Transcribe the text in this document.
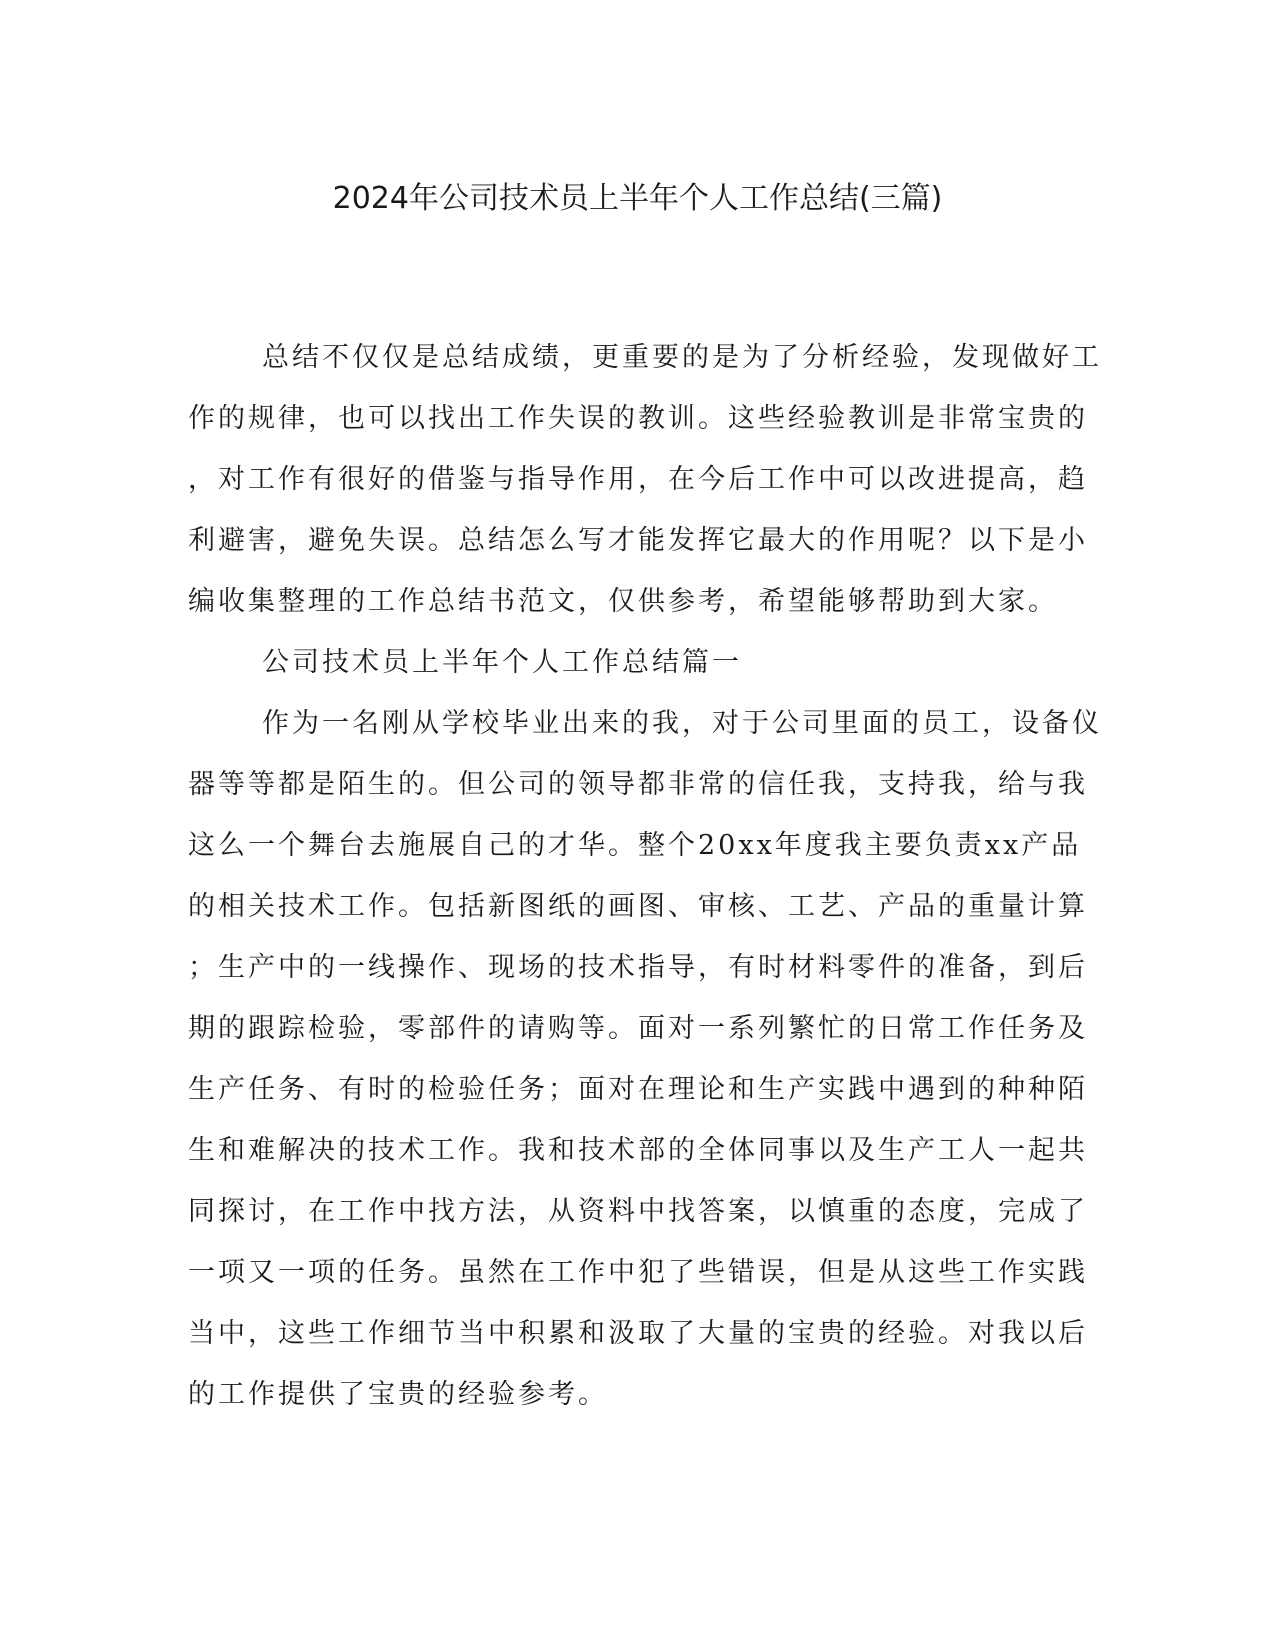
2024年公司技术员上半年个人工作总结(三篇)
总结不仅仅是总结成绩，更重要的是为了分析经验，发现做好工
作的规律，也可以找出工作失误的教训。这些经验教训是非常宝贵的
，对工作有很好的借鉴与指导作用，在今后工作中可以改进提高，趋
利避害，避免失误。总结怎么写才能发挥它最大的作用呢？以下是小
编收集整理的工作总结书范文，仅供参考，希望能够帮助到大家。
公司技术员上半年个人工作总结篇一
作为一名刚从学校毕业出来的我，对于公司里面的员工，设备仪
器等等都是陌生的。但公司的领导都非常的信任我，支持我，给与我
这么一个舞台去施展自己的才华。整个20xx年度我主要负责xx产品
的相关技术工作。包括新图纸的画图、审核、工艺、产品的重量计算
；生产中的一线操作、现场的技术指导，有时材料零件的准备，到后
期的跟踪检验，零部件的请购等。面对一系列繁忙的日常工作任务及
生产任务、有时的检验任务；面对在理论和生产实践中遇到的种种陌
生和难解决的技术工作。我和技术部的全体同事以及生产工人一起共
同探讨，在工作中找方法，从资料中找答案，以慎重的态度，完成了
一项又一项的任务。虽然在工作中犯了些错误，但是从这些工作实践
当中，这些工作细节当中积累和汲取了大量的宝贵的经验。对我以后
的工作提供了宝贵的经验参考。
